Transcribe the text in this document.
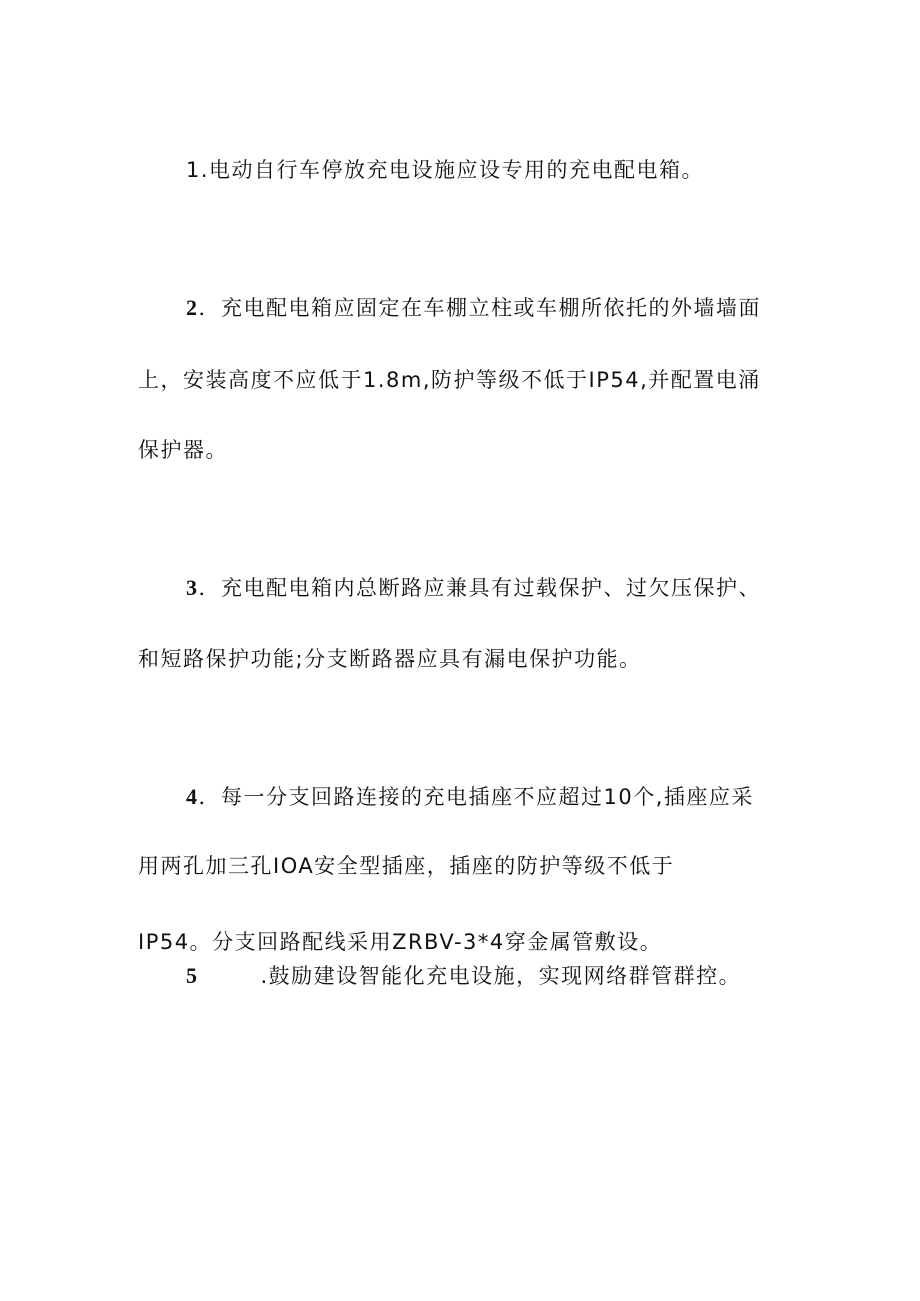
1.电动自行车停放充电设施应设专用的充电配电箱。
2．充电配电箱应固定在车棚立柱或车棚所依托的外墙墙面
上，安装高度不应低于1.8m,防护等级不低于IP54,并配置电涌
保护器。
3．充电配电箱内总断路应兼具有过载保护、过欠压保护、
和短路保护功能;分支断路器应具有漏电保护功能。
4．每一分支回路连接的充电插座不应超过10个,插座应采
用两孔加三孔IOA安全型插座，插座的防护等级不低于
IP54。分支回路配线采用ZRBV-3*4穿金属管敷设。
5	.鼓励建设智能化充电设施，实现网络群管群控。
